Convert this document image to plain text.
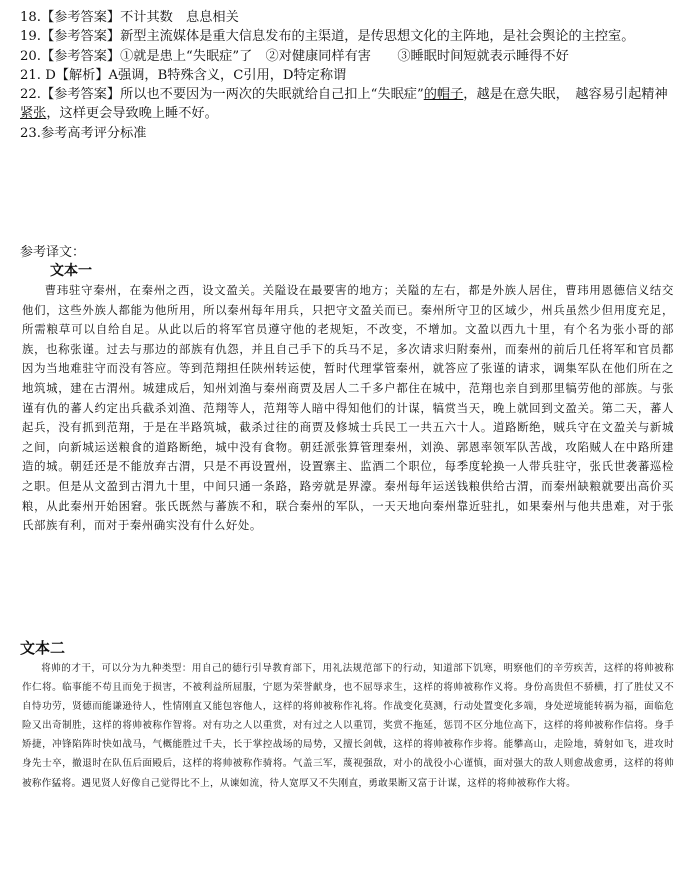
18.【参考答案】不计其数　息息相关

19.【参考答案】新型主流媒体是重大信息发布的主渠道，是传思想文化的主阵地，是社会舆论的主控室。

20.【参考答案】①就是患上“失眠症”了　②对健康同样有害　　③睡眠时间短就表示睡得不好

21. D【解析】A强调，B特殊含义，C引用，D特定称谓

22.【参考答案】所以也不要因为一两次的失眠就给自己扣上“失眠症”的帽子，越是在意失眠，　越容易引起精神紧张，这样更会导致晚上睡不好。

23.参考高考评分标准

参考译文：
文本一

曹玮驻守秦州，在秦州之西，设文盈关。关隘设在最要害的地方；关隘的左右，都是外族人居住，曹玮用恩德信义结交他们，这些外族人都能为他所用，所以秦州每年用兵，只把守文盈关而已。秦州所守卫的区域少，州兵虽然少但用度充足，所需粮草可以自给自足。从此以后的将军官员遵守他的老规矩，不改变，不增加。文盈以西九十里，有个名为张小哥的部族，也称张谨。过去与那边的部族有仇怨，并且自己手下的兵马不足，多次请求归附秦州，而秦州的前后几任将军和官员都因为当地难驻守而没有答应。等到范翔担任陕州转运使，暂时代理掌管秦州，就答应了张谨的请求，调集军队在他们所在之地筑城，建在古渭州。城建成后，知州刘渔与秦州商贾及居人二千多户都住在城中，范翔也亲自到那里犒劳他的部族。与张谨有仇的蕃人约定出兵截杀刘渔、范翔等人，范翔等人暗中得知他们的计谋，犒赏当天，晚上就回到文盈关。第二天，蕃人起兵，没有抓到范翔，于是在半路筑城，截杀过往的商贾及修城士兵民工一共五六十人。道路断绝，贼兵守在文盈关与新城之间，向新城运送粮食的道路断绝，城中没有食物。朝廷派张算管理秦州，刘涣、郭恩率领军队苦战，攻陷贼人在中路所建造的城。朝廷还是不能放弃古渭，只是不再设置州，设置寨主、监酒二个职位，每季度轮换一人带兵驻守，张氏世袭蕃巡检之职。但是从文盈到古渭九十里，中间只通一条路，路旁就是界濠。秦州每年运送钱粮供给古渭，而秦州缺粮就要出高价买粮，从此秦州开始困窘。张氏既然与蕃族不和，联合秦州的军队，一天天地向秦州靠近驻扎，如果秦州与他共患难，对于张氏部族有利，而对于秦州确实没有什么好处。

文本二

将帅的才干，可以分为九种类型：用自己的德行引导教育部下，用礼法规范部下的行动，知道部下饥寒，明察他们的辛劳疾苦，这样的将帅被称作仁将。临事能不苟且而免于损害，不被利益所屈服，宁愿为荣誉献身，也不屈辱求生，这样的将帅被称作义将。身份高贵但不骄横，打了胜仗又不自恃功劳，贤德而能谦逊待人，性情刚直又能包容他人，这样的将帅被称作礼将。作战变化莫测，行动处置变化多端，身处逆境能转祸为福，面临危险又出奇制胜，这样的将帅被称作智将。对有功之人以重赏，对有过之人以重罚，奖赏不拖延，惩罚不区分地位高下，这样的将帅被称作信将。身手矫捷，冲锋陷阵时快如战马，气概能胜过千夫，长于掌控战场的局势，又擅长剑戟，这样的将帅被称作步将。能攀高山，走险地，骑射如飞，进攻时身先士卒，撤退时在队伍后面殿后，这样的将帅被称作骑将。气盖三军，蔑视强敌，对小的战役小心谨慎，面对强大的敌人则愈战愈勇，这样的将帅被称作猛将。遇见贤人好像自己觉得比不上，从谏如流，待人宽厚又不失刚直，勇敢果断又富于计谋，这样的将帅被称作大将。
